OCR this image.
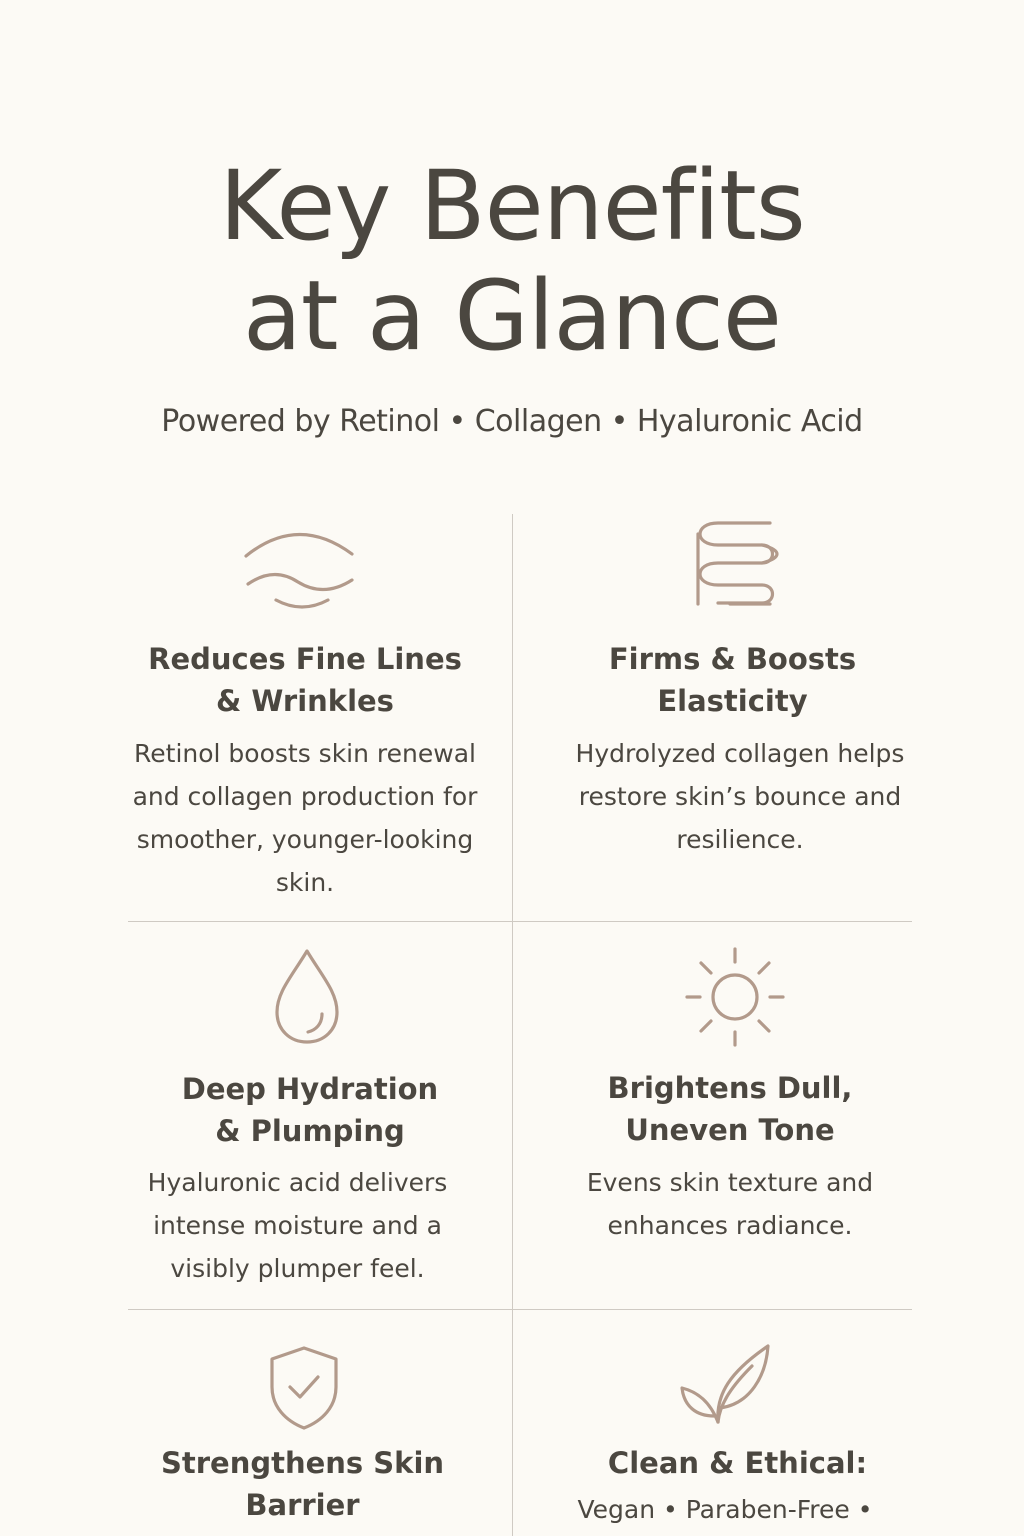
Key Benefits
at a Glance
Powered by Retinol • Collagen • Hyaluronic Acid
Reduces Fine Lines
& Wrinkles
Retinol boosts skin renewal
and collagen production for
smoother, younger-looking
skin.
Firms & Boosts
Elasticity
Hydrolyzed collagen helps
restore skin’s bounce and
resilience.
Deep Hydration
& Plumping
Hyaluronic acid delivers
intense moisture and a
visibly plumper feel.
Brightens Dull,
Uneven Tone
Evens skin texture and
enhances radiance.
Strengthens Skin
Barrier
Clean & Ethical:
Vegan • Paraben-Free •
